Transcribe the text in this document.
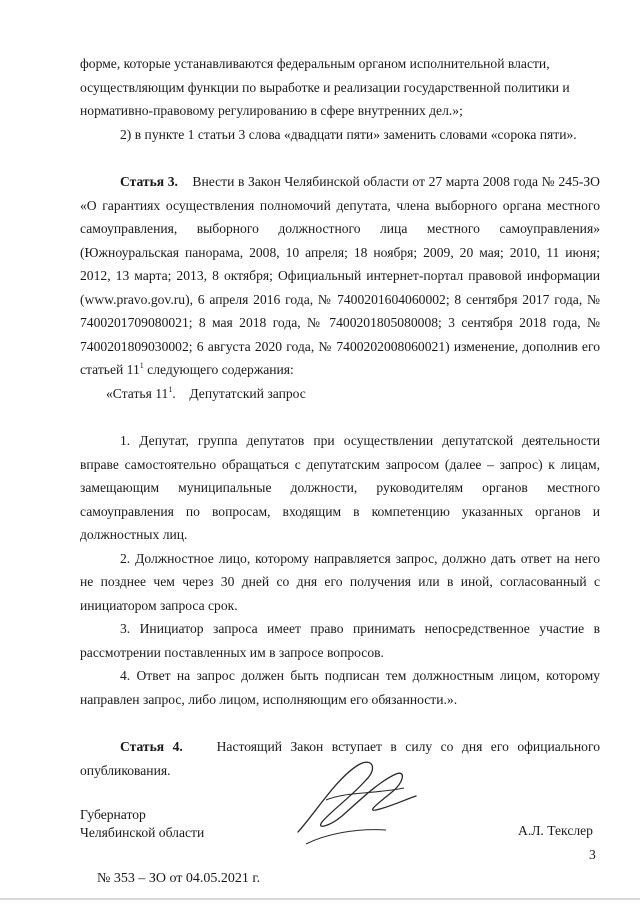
форме, которые устанавливаются федеральным органом исполнительной власти,

осуществляющим функции по выработке и реализации государственной политики и

нормативно-правовому регулированию в сфере внутренних дел.»;

2) в пункте 1 статьи 3 слова «двадцати пяти» заменить словами «сорока пяти».

Статья 3. Внести в Закон Челябинской области от 27 марта 2008 года № 245-ЗО «О гарантиях осуществления полномочий депутата, члена выборного органа местного самоуправления, выборного должностного лица местного самоуправления» (Южноуральская панорама, 2008, 10 апреля; 18 ноября; 2009, 20 мая; 2010, 11 июня; 2012, 13 марта; 2013, 8 октября; Официальный интернет-портал правовой информации (www.pravo.gov.ru), 6 апреля 2016 года, № 7400201604060002; 8 сентября 2017 года, № 7400201709080021; 8 мая 2018 года, № 7400201805080008; 3 сентября 2018 года, № 7400201809030002; 6 августа 2020 года, № 7400202008060021) изменение, дополнив его статьей $11^1$ следующего содержания:

«Статья $11^1$.    Депутатский запрос

1. Депутат, группа депутатов при осуществлении депутатской деятельности вправе самостоятельно обращаться с депутатским запросом (далее – запрос) к лицам, замещающим муниципальные должности, руководителям органов местного самоуправления по вопросам, входящим в компетенцию указанных органов и должностных лиц.

2. Должностное лицо, которому направляется запрос, должно дать ответ на него не позднее чем через 30 дней со дня его получения или в иной, согласованный с инициатором запроса срок.

3. Инициатор запроса имеет право принимать непосредственное участие в рассмотрении поставленных им в запросе вопросов.

4. Ответ на запрос должен быть подписан тем должностным лицом, которому направлен запрос, либо лицом, исполняющим его обязанности.».

Статья 4. Настоящий Закон вступает в силу со дня его официального опубликования.

Губернатор
Челябинской области	А.Л. Текслер
3
№ 353 – ЗО от 04.05.2021 г.
